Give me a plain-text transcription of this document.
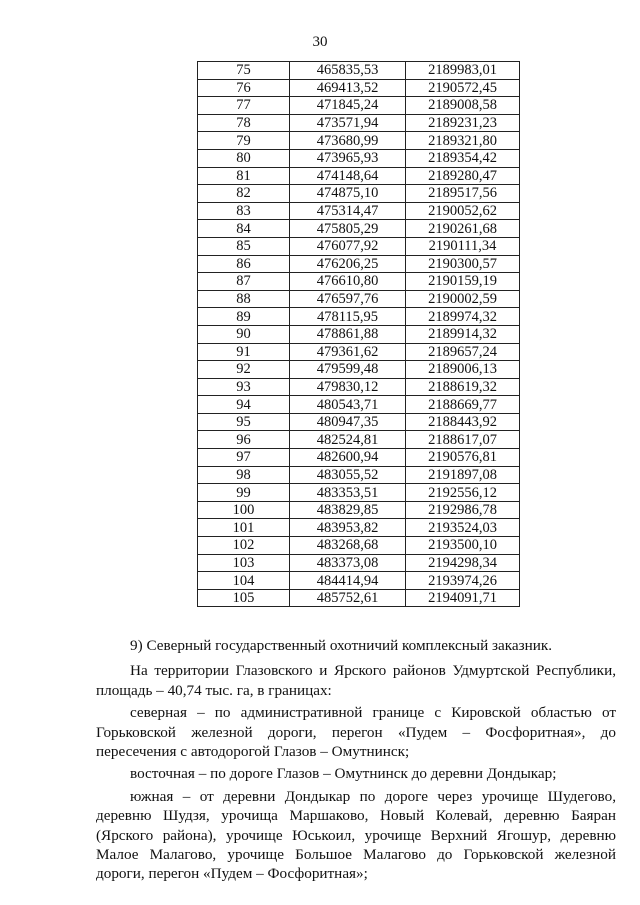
30
75	465835,53	2189983,01
76	469413,52	2190572,45
77	471845,24	2189008,58
78	473571,94	2189231,23
79	473680,99	2189321,80
80	473965,93	2189354,42
81	474148,64	2189280,47
82	474875,10	2189517,56
83	475314,47	2190052,62
84	475805,29	2190261,68
85	476077,92	2190111,34
86	476206,25	2190300,57
87	476610,80	2190159,19
88	476597,76	2190002,59
89	478115,95	2189974,32
90	478861,88	2189914,32
91	479361,62	2189657,24
92	479599,48	2189006,13
93	479830,12	2188619,32
94	480543,71	2188669,77
95	480947,35	2188443,92
96	482524,81	2188617,07
97	482600,94	2190576,81
98	483055,52	2191897,08
99	483353,51	2192556,12
100	483829,85	2192986,78
101	483953,82	2193524,03
102	483268,68	2193500,10
103	483373,08	2194298,34
104	484414,94	2193974,26
105	485752,61	2194091,71

9) Северный государственный охотничий комплексный заказник.

На территории Глазовского и Ярского районов Удмуртской Республики, площадь – 40,74 тыс. га, в границах:

северная – по административной границе с Кировской областью от Горьковской железной дороги, перегон «Пудем – Фосфоритная», до пересечения с автодорогой Глазов – Омутнинск;

восточная – по дороге Глазов – Омутнинск до деревни Дондыкар;

южная – от деревни Дондыкар по дороге через урочище Шудегово, деревню Шудзя, урочища Маршаково, Новый Колевай, деревню Баяран (Ярского района), урочище Юськоил, урочище Верхний Ягошур, деревню Малое Малагово, урочище Большое Малагово до Горьковской железной дороги, перегон «Пудем – Фосфоритная»;
